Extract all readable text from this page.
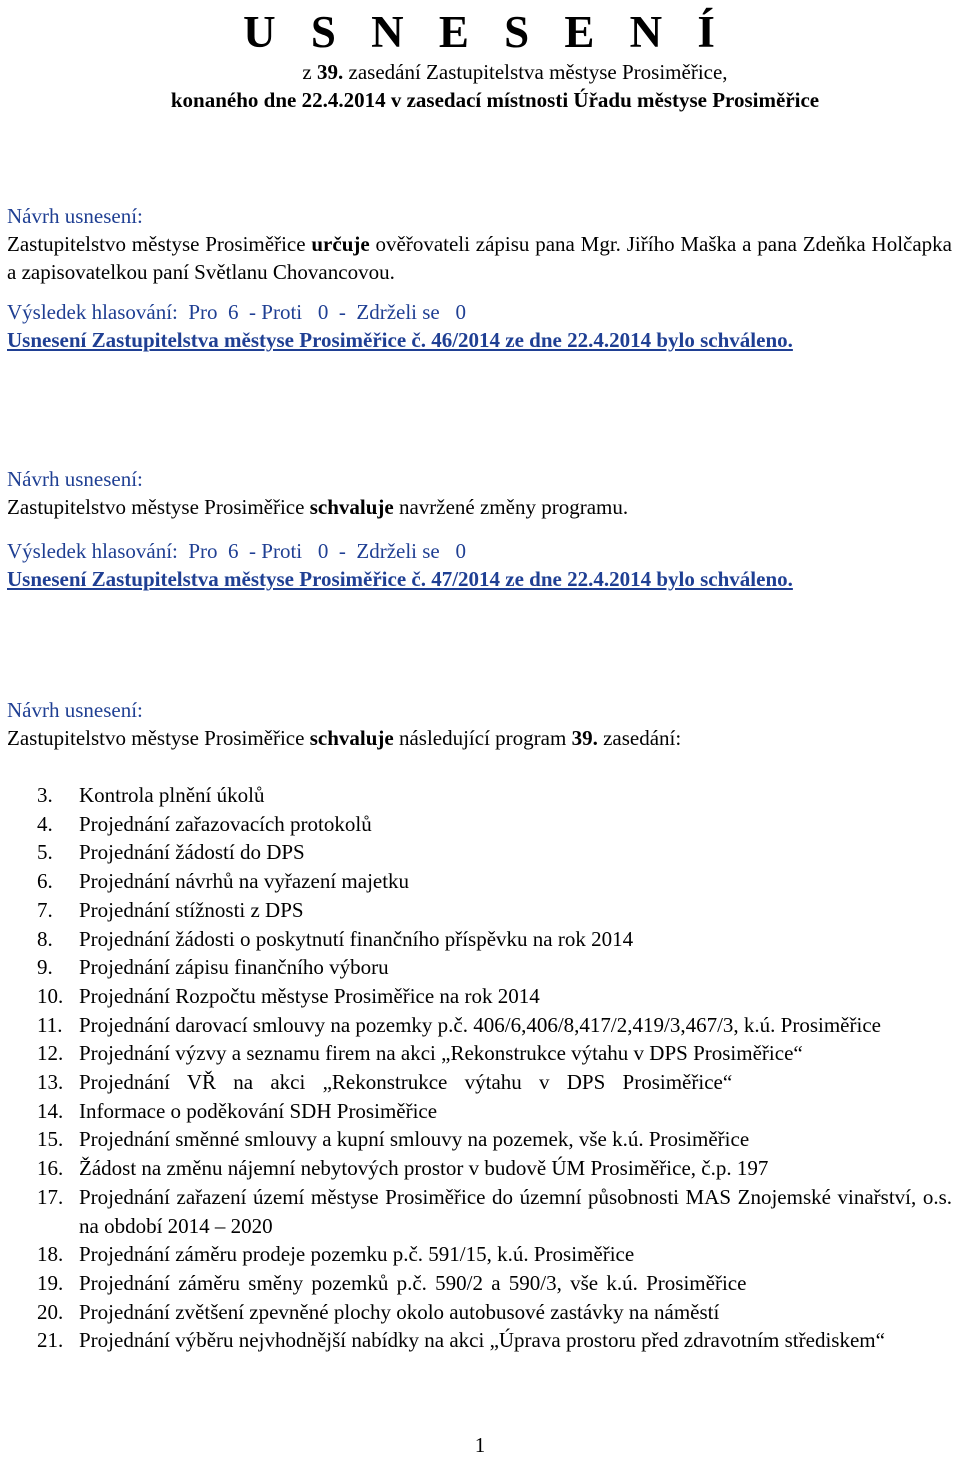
U S N E S E N Í
z 39. zasedání Zastupitelstva městyse Prosiměřice,
konaného dne 22.4.2014 v zasedací místnosti Úřadu městyse Prosiměřice
Návrh usnesení:
Zastupitelstvo městyse Prosiměřice určuje ověřovateli zápisu pana Mgr. Jiřího Maška a pana Zdeňka Holčapka a zapisovatelkou paní Světlanu Chovancovou.
Výsledek hlasování:  Pro  6  - Proti   0  -  Zdrželi se   0
Usnesení Zastupitelstva městyse Prosiměřice č. 46/2014 ze dne 22.4.2014 bylo schváleno.
Návrh usnesení:
Zastupitelstvo městyse Prosiměřice schvaluje navržené změny programu.
Výsledek hlasování:  Pro  6  - Proti   0  -  Zdrželi se   0
Usnesení Zastupitelstva městyse Prosiměřice č. 47/2014 ze dne 22.4.2014 bylo schváleno.
Návrh usnesení:
Zastupitelstvo městyse Prosiměřice schvaluje následující program 39. zasedání:
3.	Kontrola plnění úkolů
4.	Projednání zařazovacích protokolů
5.	Projednání žádostí do DPS
6.	Projednání návrhů na vyřazení majetku
7.	Projednání stížnosti z DPS
8.	Projednání žádosti o poskytnutí finančního příspěvku na rok 2014
9.	Projednání zápisu finančního výboru
10. Projednání Rozpočtu městyse Prosiměřice na rok 2014
11. Projednání darovací smlouvy na pozemky p.č. 406/6,406/8,417/2,419/3,467/3, k.ú. Prosiměřice
12. Projednání výzvy a seznamu firem na akci „Rekonstrukce výtahu v DPS Prosiměřice“
13. Projednání VŘ na akci „Rekonstrukce výtahu v DPS Prosiměřice“
14. Informace o poděkování SDH Prosiměřice
15. Projednání směnné smlouvy a kupní smlouvy na pozemek, vše k.ú. Prosiměřice
16. Žádost na změnu nájemní nebytových prostor v budově ÚM Prosiměřice, č.p. 197
17. Projednání zařazení území městyse Prosiměřice do územní působnosti MAS Znojemské vinařství, o.s. na období 2014 – 2020
18. Projednání záměru prodeje pozemku p.č. 591/15, k.ú. Prosiměřice
19. Projednání záměru směny pozemků p.č. 590/2 a 590/3, vše k.ú. Prosiměřice
20. Projednání zvětšení zpevněné plochy okolo autobusové zastávky na náměstí
21. Projednání výběru nejvhodnější nabídky na akci „Úprava prostoru před zdravotním střediskem“
1
